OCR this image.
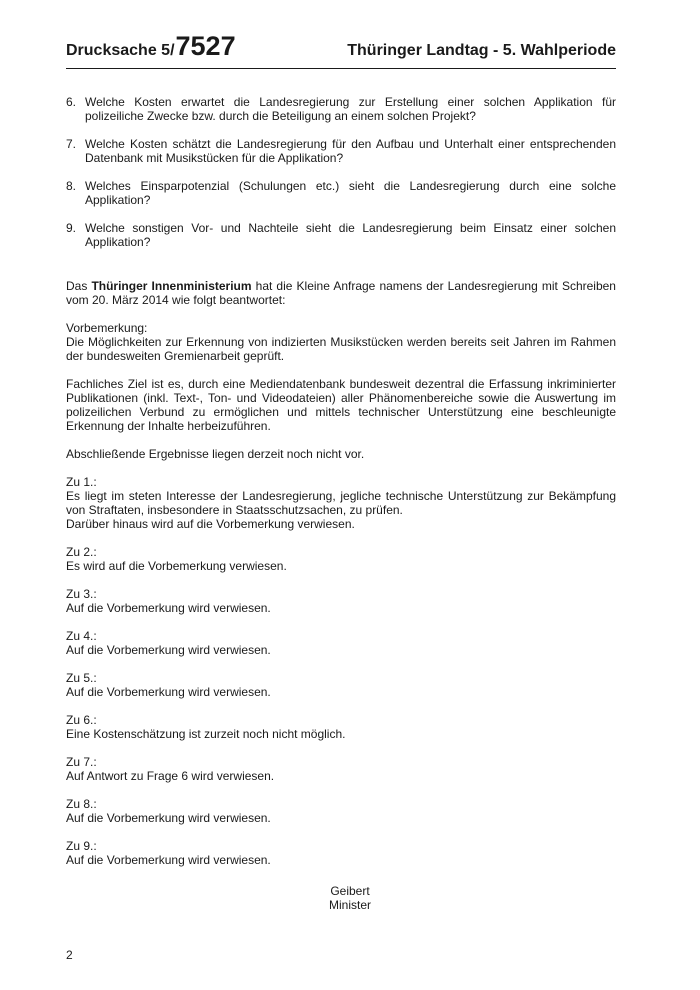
Drucksache 5/7527	Thüringer Landtag - 5. Wahlperiode
6. Welche Kosten erwartet die Landesregierung zur Erstellung einer solchen Applikation für polizeiliche Zwecke bzw. durch die Beteiligung an einem solchen Projekt?
7. Welche Kosten schätzt die Landesregierung für den Aufbau und Unterhalt einer entsprechenden Datenbank mit Musikstücken für die Applikation?
8. Welches Einsparpotenzial (Schulungen etc.) sieht die Landesregierung durch eine solche Applikation?
9. Welche sonstigen Vor- und Nachteile sieht die Landesregierung beim Einsatz einer solchen Applikation?

Das Thüringer Innenministerium hat die Kleine Anfrage namens der Landesregierung mit Schreiben vom 20. März 2014 wie folgt beantwortet:

Vorbemerkung:

Die Möglichkeiten zur Erkennung von indizierten Musikstücken werden bereits seit Jahren im Rahmen der bundesweiten Gremienarbeit geprüft.

Fachliches Ziel ist es, durch eine Mediendatenbank bundesweit dezentral die Erfassung inkriminierter Publikationen (inkl. Text-, Ton- und Videodateien) aller Phänomenbereiche sowie die Auswertung im polizeilichen Verbund zu ermöglichen und mittels technischer Unterstützung eine beschleunigte Erkennung der Inhalte herbeizuführen.

Abschließende Ergebnisse liegen derzeit noch nicht vor.

Zu 1.:

Es liegt im steten Interesse der Landesregierung, jegliche technische Unterstützung zur Bekämpfung von Straftaten, insbesondere in Staatsschutzsachen, zu prüfen.

Darüber hinaus wird auf die Vorbemerkung verwiesen.
Zu 2.:
Es wird auf die Vorbemerkung verwiesen.
Zu 3.:
Auf die Vorbemerkung wird verwiesen.
Zu 4.:
Auf die Vorbemerkung wird verwiesen.
Zu 5.:
Auf die Vorbemerkung wird verwiesen.
Zu 6.:
Eine Kostenschätzung ist zurzeit noch nicht möglich.
Zu 7.:
Auf Antwort zu Frage 6 wird verwiesen.
Zu 8.:
Auf die Vorbemerkung wird verwiesen.
Zu 9.:
Auf die Vorbemerkung wird verwiesen.
Geibert
Minister
2
